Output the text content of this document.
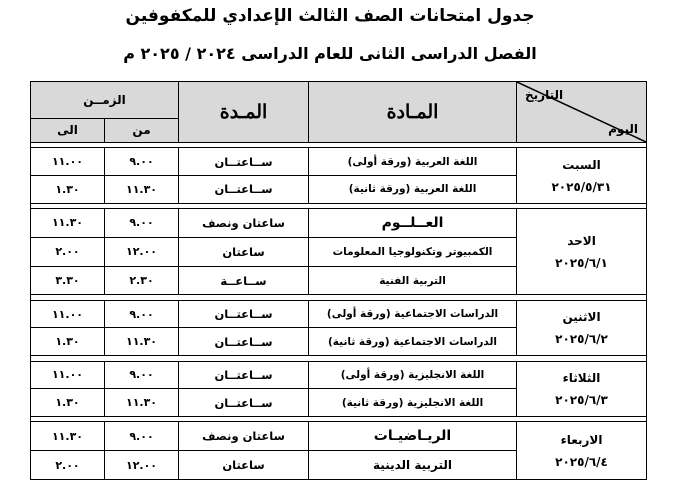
جدول امتحانات الصف الثالث الإعدادي للمكفوفين
الفصل الدراسى الثانى للعام الدراسى ٢٠٢٤ / ٢٠٢٥ م
الزمــن		المـدة	المـادة	التاريخ
اليوم

الى	من			

١١.٠٠	٩.٠٠	ســاعتــان	اللغة العربية (ورقة أولى)	السبت
٢٠٢٥/٥/٣١

١.٣٠	١١.٣٠	ســاعتــان	اللغة العربية (ورقة ثانية)	

١١.٣٠	٩.٠٠	ساعتان ونصف	العــلــوم	الاحد
٢٠٢٥/٦/١

٢.٠٠	١٢.٠٠	ساعتان	الكمبيوتر وتكنولوجيا المعلومات	
٣.٣٠	٢.٣٠	ســاعــة	التربية الفنية	

١١.٠٠	٩.٠٠	ســاعتــان	الدراسات الاجتماعية (ورقة أولى)	الاثنين
٢٠٢٥/٦/٢

١.٣٠	١١.٣٠	ســاعتــان	الدراسات الاجتماعية (ورقة ثانية)	

١١.٠٠	٩.٠٠	ســاعتــان	اللغة الانجليزية (ورقة أولى)	الثلاثاء
٢٠٢٥/٦/٣

١.٣٠	١١.٣٠	ســاعتــان	اللغة الانجليزية (ورقة ثانية)	

١١.٣٠	٩.٠٠	ساعتان ونصف	الريـاضيـات	الاربعاء
٢٠٢٥/٦/٤

٢.٠٠	١٢.٠٠	ساعتان	التربية الدينية	
